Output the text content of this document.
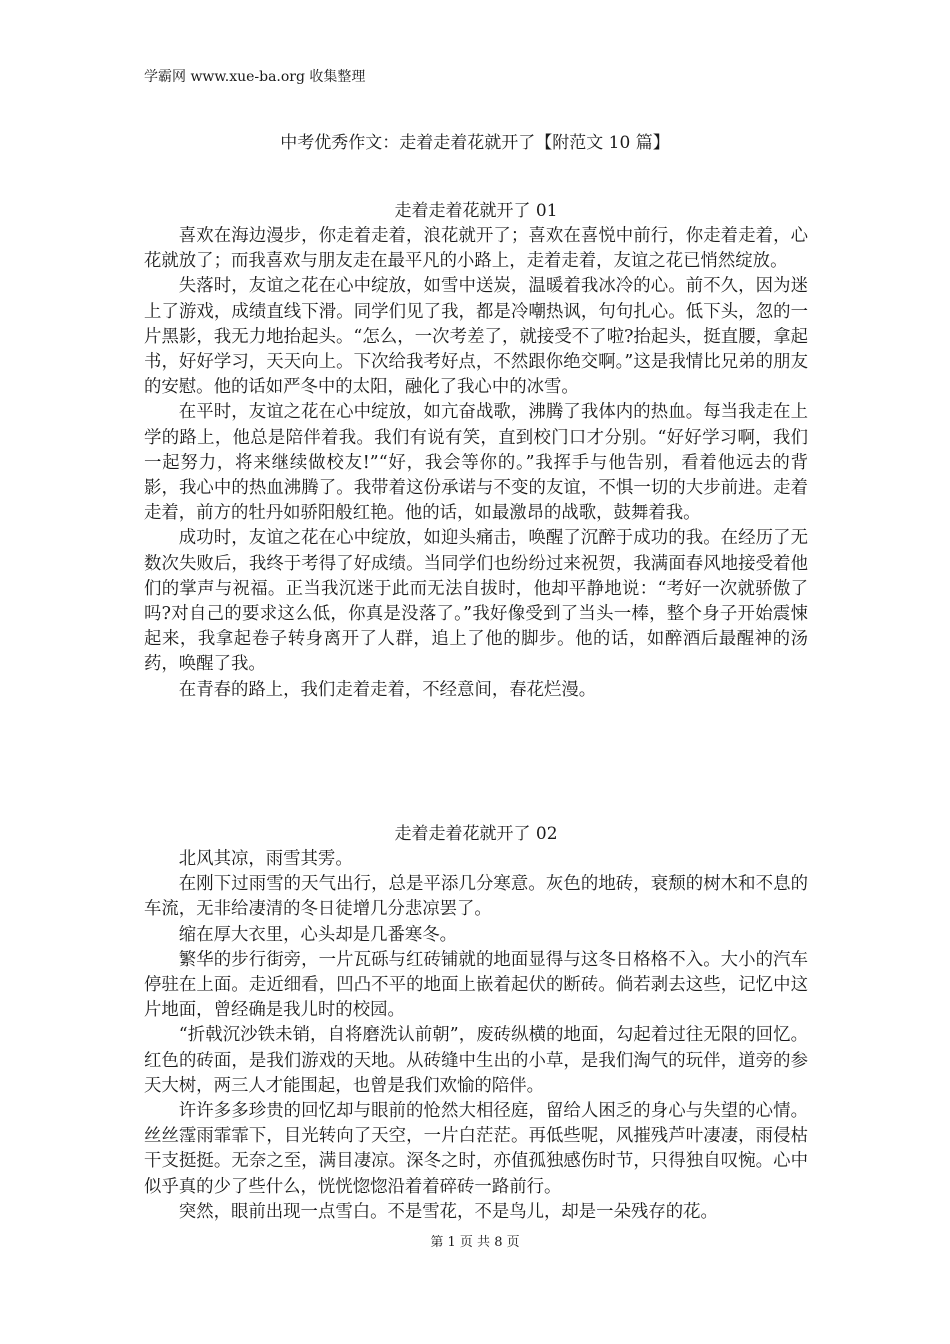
学霸网 www.xue-ba.org 收集整理
中考优秀作文：走着走着花就开了【附范文 10 篇】
走着走着花就开了 01

喜欢在海边漫步，你走着走着，浪花就开了；喜欢在喜悦中前行，你走着走着，心花就放了；而我喜欢与朋友走在最平凡的小路上，走着走着，友谊之花已悄然绽放。

失落时，友谊之花在心中绽放，如雪中送炭，温暖着我冰冷的心。前不久，因为迷上了游戏，成绩直线下滑。同学们见了我，都是冷嘲热讽，句句扎心。低下头，忽的一片黑影，我无力地抬起头。“怎么，一次考差了，就接受不了啦?抬起头，挺直腰，拿起书，好好学习，天天向上。下次给我考好点，不然跟你绝交啊。”这是我情比兄弟的朋友的安慰。他的话如严冬中的太阳，融化了我心中的冰雪。

在平时，友谊之花在心中绽放，如亢奋战歌，沸腾了我体内的热血。每当我走在上学的路上，他总是陪伴着我。我们有说有笑，直到校门口才分别。“好好学习啊，我们一起努力，将来继续做校友!”“好，我会等你的。”我挥手与他告别，看着他远去的背影，我心中的热血沸腾了。我带着这份承诺与不变的友谊，不惧一切的大步前进。走着走着，前方的牡丹如骄阳般红艳。他的话，如最激昂的战歌，鼓舞着我。

成功时，友谊之花在心中绽放，如迎头痛击，唤醒了沉醉于成功的我。在经历了无数次失败后，我终于考得了好成绩。当同学们也纷纷过来祝贺，我满面春风地接受着他们的掌声与祝福。正当我沉迷于此而无法自拔时，他却平静地说：“考好一次就骄傲了吗?对自己的要求这么低，你真是没落了。”我好像受到了当头一棒，整个身子开始震悚起来，我拿起卷子转身离开了人群，追上了他的脚步。他的话，如醉酒后最醒神的汤药，唤醒了我。

在青春的路上，我们走着走着，不经意间，春花烂漫。

走着走着花就开了 02

北风其凉，雨雪其雱。

在刚下过雨雪的天气出行，总是平添几分寒意。灰色的地砖，衰颓的树木和不息的车流，无非给凄清的冬日徒增几分悲凉罢了。

缩在厚大衣里，心头却是几番寒冬。

繁华的步行街旁，一片瓦砾与红砖铺就的地面显得与这冬日格格不入。大小的汽车停驻在上面。走近细看，凹凸不平的地面上嵌着起伏的断砖。倘若剥去这些，记忆中这片地面，曾经确是我儿时的校园。

“折戟沉沙铁未销，自将磨洗认前朝”，废砖纵横的地面，勾起着过往无限的回忆。红色的砖面，是我们游戏的天地。从砖缝中生出的小草，是我们淘气的玩伴，道旁的参天大树，两三人才能围起，也曾是我们欢愉的陪伴。

许许多多珍贵的回忆却与眼前的怆然大相径庭，留给人困乏的身心与失望的心情。丝丝霪雨霏霏下，目光转向了天空，一片白茫茫。再低些呢，风摧残芦叶凄凄，雨侵枯干支挺挺。无奈之至，满目凄凉。深冬之时，亦值孤独感伤时节，只得独自叹惋。心中似乎真的少了些什么，恍恍惚惚沿着着碎砖一路前行。

突然，眼前出现一点雪白。不是雪花，不是鸟儿，却是一朵残存的花。

第 1 页 共 8 页
